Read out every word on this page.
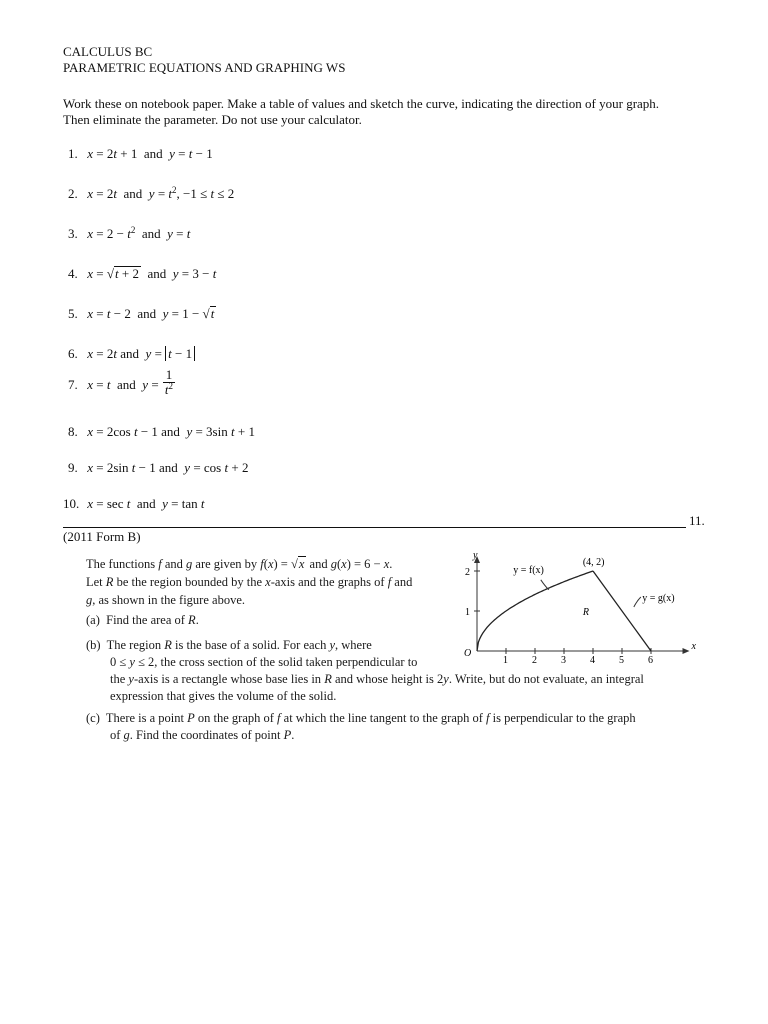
CALCULUS BC
PARAMETRIC EQUATIONS AND GRAPHING WS
Work these on notebook paper. Make a table of values and sketch the curve, indicating the direction of your graph.
Then eliminate the parameter. Do not use your calculator.
1. x = 2t + 1  and  y = t − 1
2. x = 2t  and  $y = t^2$, −1 ≤ t ≤ 2
3. $x = 2 - t^2$  and  y = t
4. x = √t + 2  and  y = 3 − t
5. x = t − 2  and  y = 1 − √t
6. x = 2t and  y = t − 1
7. x = t  and  $y = \frac{1}{t^2}$
8. x = 2cos t − 1 and  y = 3sin t + 1
9. x = 2sin t − 1 and  y = cos t + 2
10. x = sec t  and  y = tan t
11.
(2011 Form B)
The functions f and g are given by f(x) = √x and g(x) = 6 − x.
Let R be the region bounded by the x-axis and the graphs of f and
g, as shown in the figure above.
(a)  Find the area of R.
(b)  The region R is the base of a solid. For each y, where
0 ≤ y ≤ 2, the cross section of the solid taken perpendicular to
the y-axis is a rectangle whose base lies in R and whose height is 2y. Write, but do not evaluate, an integral
expression that gives the volume of the solid.
(c)  There is a point P on the graph of f at which the line tangent to the graph of f is perpendicular to the graph
of g. Find the coordinates of point P.
x
y
O
1 2 3 4 5 6
1
2	y = f(x)
y = g(x)
(4, 2)
R
